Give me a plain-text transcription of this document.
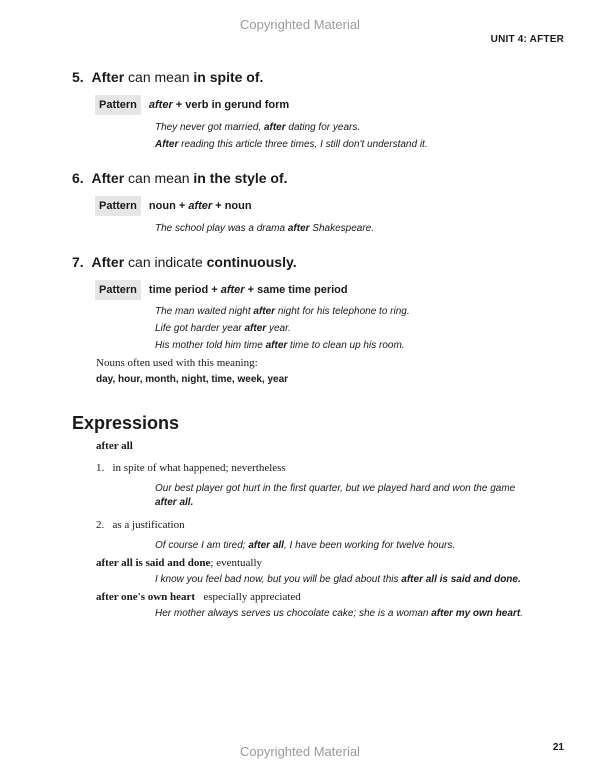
Copyrighted Material
UNIT 4: AFTER
5. After can mean in spite of.
Pattern after + verb in gerund form
They never got married, after dating for years.
After reading this article three times, I still don't understand it.
6. After can mean in the style of.
Pattern noun + after + noun
The school play was a drama after Shakespeare.
7. After can indicate continuously.
Pattern time period + after + same time period
The man waited night after night for his telephone to ring.
Life got harder year after year.
His mother told him time after time to clean up his room.
Nouns often used with this meaning:
day, hour, month, night, time, week, year
Expressions
after all
1. in spite of what happened; nevertheless
Our best player got hurt in the first quarter, but we played hard and won the game
after all.
2. as a justification
Of course I am tired; after all, I have been working for twelve hours.
after all is said and done; eventually
I know you feel bad now, but you will be glad about this after all is said and done.
after one's own heart especially appreciated
Her mother always serves us chocolate cake; she is a woman after my own heart.
21
Copyrighted Material
